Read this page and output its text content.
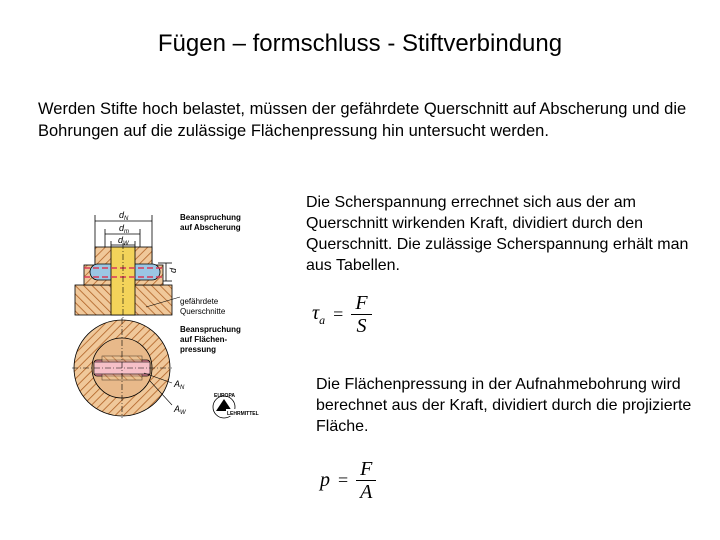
Fügen – formschluss - Stiftverbindung
Werden Stifte hoch belastet, müssen der gefährdete Querschnitt auf Abscherung und die Bohrungen auf die zulässige Flächenpressung hin untersucht werden.
$d_N$
$d_m$
$d_W$
d
Beanspruchung auf Abscherung
gefährdete Querschnitte
Beanspruchung auf Flächen- pressung
$A_N$
$A_W$
EUROPA
LEHRMITTEL
Die Scherspannung errechnet sich aus der am Querschnitt wirkenden Kraft, dividiert durch den Querschnitt. Die zulässige Scherspannung erhält man aus Tabellen.
$\tau_a = \frac{F}{S}$
Die Flächenpressung in der Aufnahmebohrung wird berechnet aus der Kraft, dividiert durch die projizierte Fläche.
$p = \frac{F}{A}$
